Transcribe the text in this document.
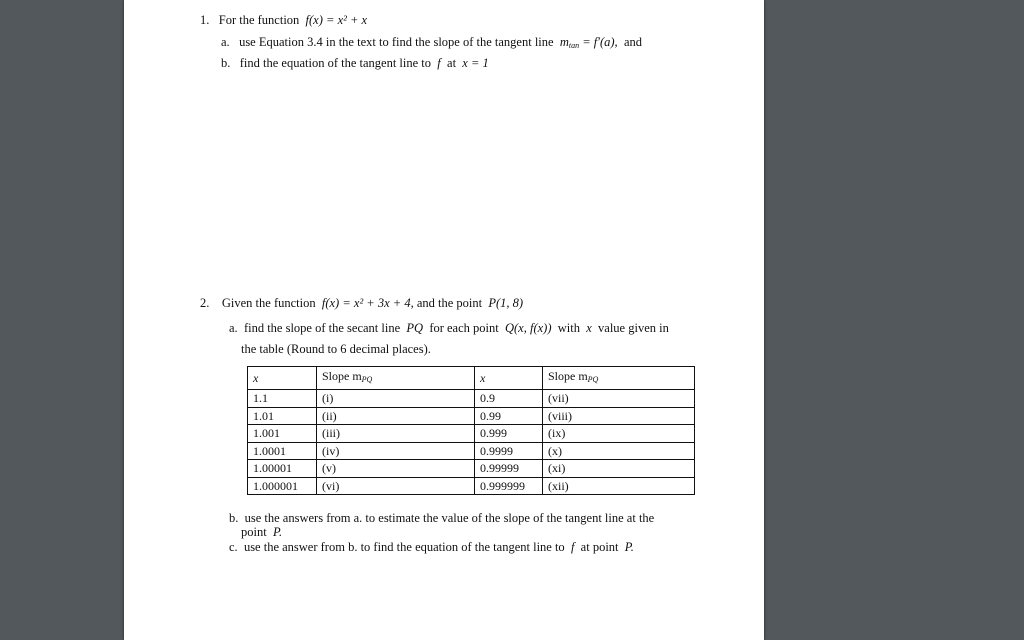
1. For the function f(x) = x² + x
a. use Equation 3.4 in the text to find the slope of the tangent line $m_{tan} = f'(a)$, and
b. find the equation of the tangent line to f at x = 1
2. Given the function f(x) = x² + 3x + 4, and the point P(1, 8)
a. find the slope of the secant line PQ for each point Q(x, f(x)) with x value given in
the table (Round to 6 decimal places).
x	Slope $m_{PQ}$	x	Slope $m_{PQ}$
1.1	(i)	0.9	(vii)
1.01	(ii)	0.99	(viii)
1.001	(iii)	0.999	(ix)
1.0001	(iv)	0.9999	(x)
1.00001	(v)	0.99999	(xi)
1.000001	(vi)	0.999999	(xii)
b. use the answers from a. to estimate the value of the slope of the tangent line at the
point P.
c. use the answer from b. to find the equation of the tangent line to f at point P.
